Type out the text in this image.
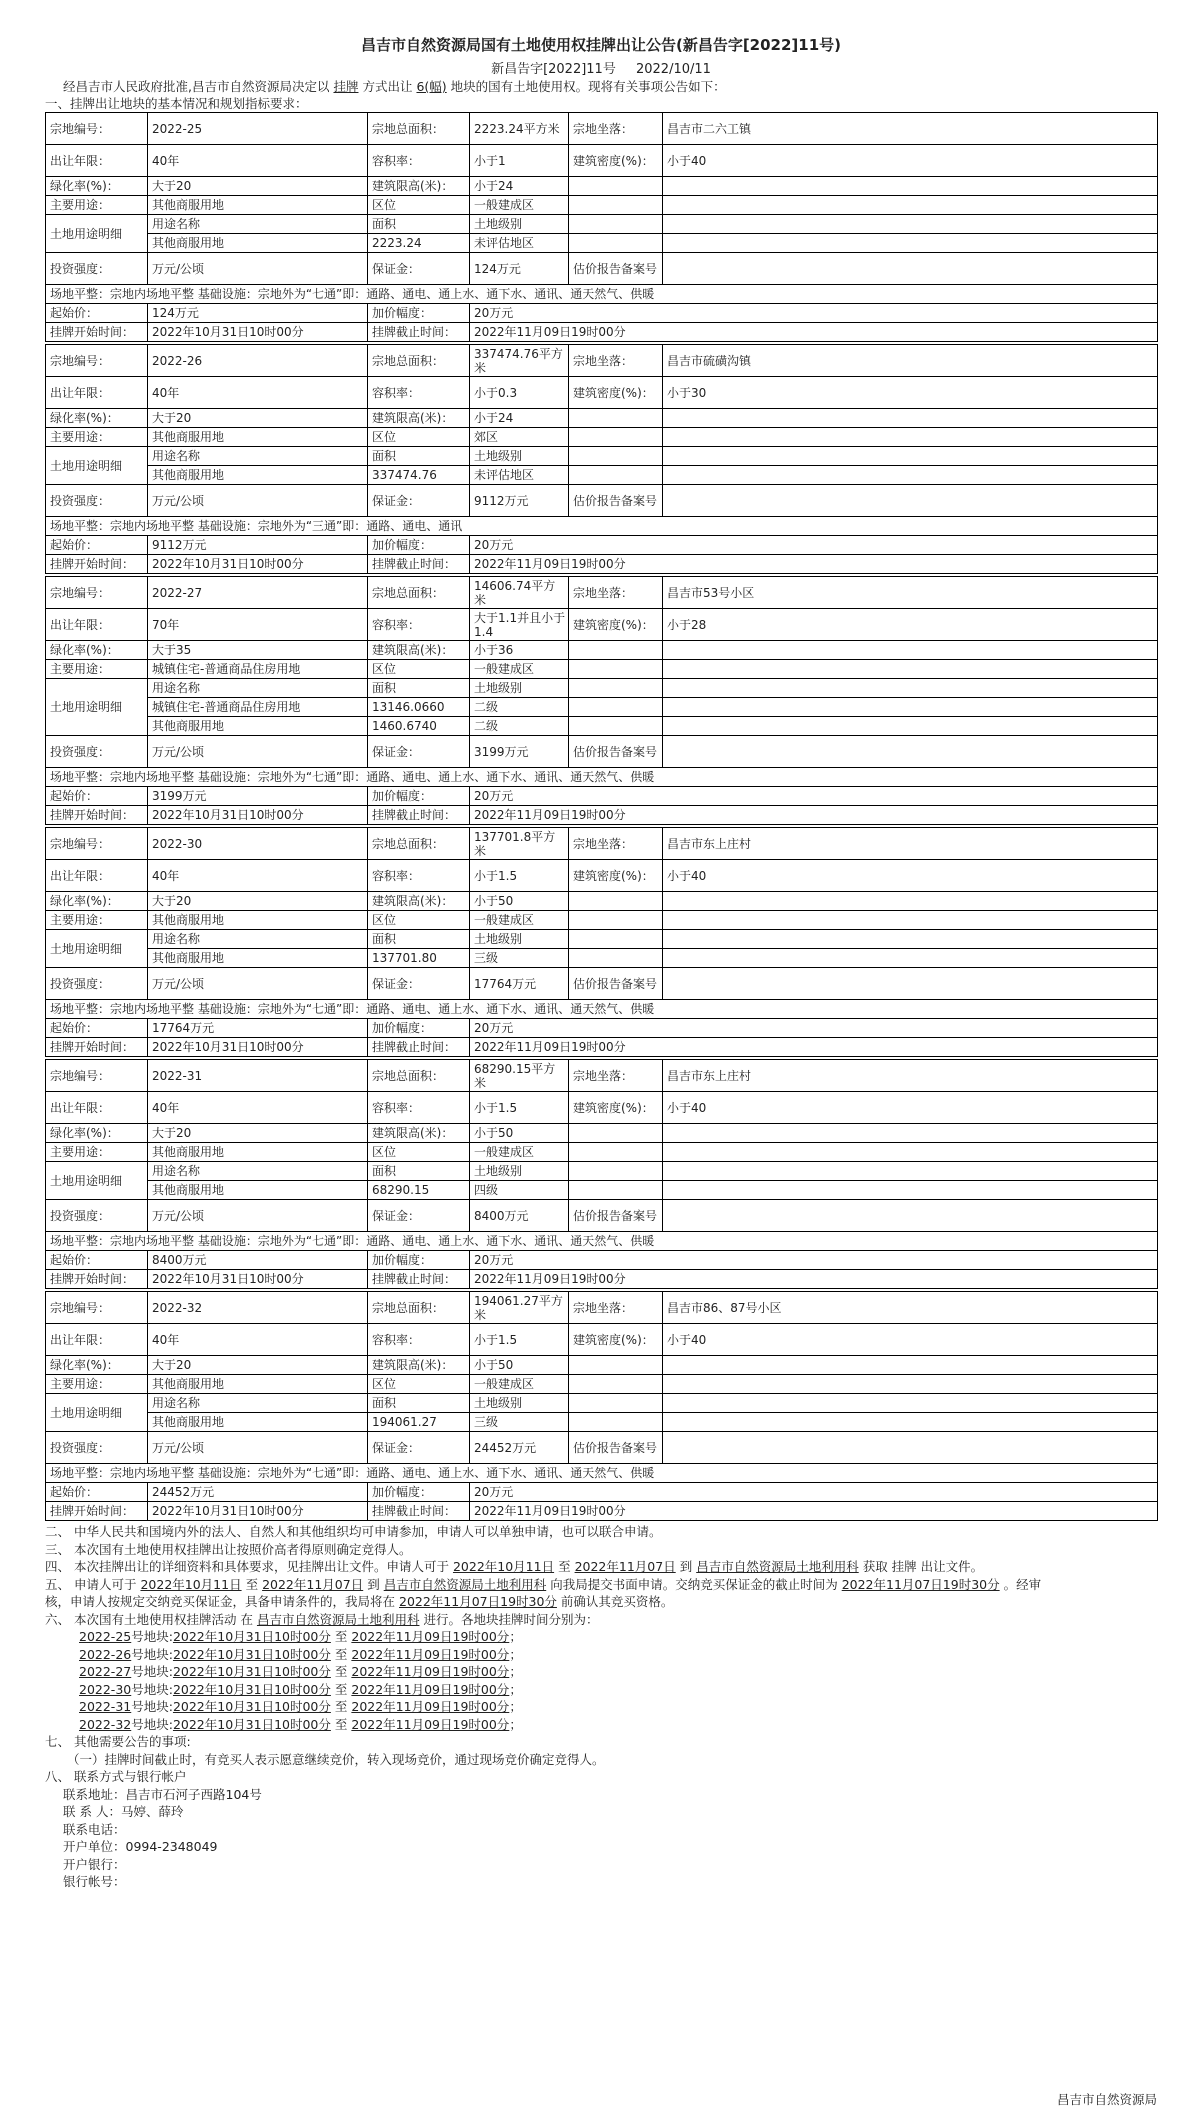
昌吉市自然资源局国有土地使用权挂牌出让公告(新昌告字[2022]11号)
新昌告字[2022]11号 2022/10/11

经昌吉市人民政府批准,昌吉市自然资源局决定以 挂牌 方式出让 6(幅) 地块的国有土地使用权。现将有关事项公告如下：

一、挂牌出让地块的基本情况和规划指标要求：
宗地编号：	2022-25	宗地总面积：	2223.24平方米	宗地坐落：	昌吉市二六工镇
出让年限：	40年	容积率：	小于1	建筑密度(%)：	小于40
绿化率(%)：	大于20	建筑限高(米)：	小于24		
主要用途：	其他商服用地	区位	一般建成区		
土地用途明细	用途名称	面积	土地级别		
	其他商服用地	2223.24	未评估地区		
投资强度：	万元/公顷	保证金：	124万元	估价报告备案号	
场地平整：宗地内场地平整 基础设施：宗地外为“七通”即：通路、通电、通上水、通下水、通讯、通天然气、供暖					
起始价：	124万元	加价幅度：	20万元		
挂牌开始时间：	2022年10月31日10时00分	挂牌截止时间：	2022年11月09日19时00分		
宗地编号：	2022-26	宗地总面积：	337474.76平方米	宗地坐落：	昌吉市硫磺沟镇
出让年限：	40年	容积率：	小于0.3	建筑密度(%)：	小于30
绿化率(%)：	大于20	建筑限高(米)：	小于24		
主要用途：	其他商服用地	区位	郊区		
土地用途明细	用途名称	面积	土地级别		
	其他商服用地	337474.76	未评估地区		
投资强度：	万元/公顷	保证金：	9112万元	估价报告备案号	
场地平整：宗地内场地平整 基础设施：宗地外为“三通”即：通路、通电、通讯					
起始价：	9112万元	加价幅度：	20万元		
挂牌开始时间：	2022年10月31日10时00分	挂牌截止时间：	2022年11月09日19时00分		
宗地编号：	2022-27	宗地总面积：	14606.74平方米	宗地坐落：	昌吉市53号小区
出让年限：	70年	容积率：	大于1.1并且小于1.4	建筑密度(%)：	小于28
绿化率(%)：	大于35	建筑限高(米)：	小于36		
主要用途：	城镇住宅-普通商品住房用地	区位	一般建成区		
土地用途明细	用途名称	面积	土地级别		
	城镇住宅-普通商品住房用地	13146.0660	二级		
	其他商服用地	1460.6740	二级		
投资强度：	万元/公顷	保证金：	3199万元	估价报告备案号	
场地平整：宗地内场地平整 基础设施：宗地外为“七通”即：通路、通电、通上水、通下水、通讯、通天然气、供暖					
起始价：	3199万元	加价幅度：	20万元		
挂牌开始时间：	2022年10月31日10时00分	挂牌截止时间：	2022年11月09日19时00分		
宗地编号：	2022-30	宗地总面积：	137701.8平方米	宗地坐落：	昌吉市东上庄村
出让年限：	40年	容积率：	小于1.5	建筑密度(%)：	小于40
绿化率(%)：	大于20	建筑限高(米)：	小于50		
主要用途：	其他商服用地	区位	一般建成区		
土地用途明细	用途名称	面积	土地级别		
	其他商服用地	137701.80	三级		
投资强度：	万元/公顷	保证金：	17764万元	估价报告备案号	
场地平整：宗地内场地平整 基础设施：宗地外为“七通”即：通路、通电、通上水、通下水、通讯、通天然气、供暖					
起始价：	17764万元	加价幅度：	20万元		
挂牌开始时间：	2022年10月31日10时00分	挂牌截止时间：	2022年11月09日19时00分		
宗地编号：	2022-31	宗地总面积：	68290.15平方米	宗地坐落：	昌吉市东上庄村
出让年限：	40年	容积率：	小于1.5	建筑密度(%)：	小于40
绿化率(%)：	大于20	建筑限高(米)：	小于50		
主要用途：	其他商服用地	区位	一般建成区		
土地用途明细	用途名称	面积	土地级别		
	其他商服用地	68290.15	四级		
投资强度：	万元/公顷	保证金：	8400万元	估价报告备案号	
场地平整：宗地内场地平整 基础设施：宗地外为“七通”即：通路、通电、通上水、通下水、通讯、通天然气、供暖					
起始价：	8400万元	加价幅度：	20万元		
挂牌开始时间：	2022年10月31日10时00分	挂牌截止时间：	2022年11月09日19时00分		
宗地编号：	2022-32	宗地总面积：	194061.27平方米	宗地坐落：	昌吉市86、87号小区
出让年限：	40年	容积率：	小于1.5	建筑密度(%)：	小于40
绿化率(%)：	大于20	建筑限高(米)：	小于50		
主要用途：	其他商服用地	区位	一般建成区		
土地用途明细	用途名称	面积	土地级别		
	其他商服用地	194061.27	三级		
投资强度：	万元/公顷	保证金：	24452万元	估价报告备案号	
场地平整：宗地内场地平整 基础设施：宗地外为“七通”即：通路、通电、通上水、通下水、通讯、通天然气、供暖					
起始价：	24452万元	加价幅度：	20万元		
挂牌开始时间：	2022年10月31日10时00分	挂牌截止时间：	2022年11月09日19时00分		
二、 中华人民共和国境内外的法人、自然人和其他组织均可申请参加，申请人可以单独申请，也可以联合申请。
三、 本次国有土地使用权挂牌出让按照价高者得原则确定竞得人。
四、 本次挂牌出让的详细资料和具体要求，见挂牌出让文件。申请人可于 2022年10月11日 至 2022年11月07日 到 昌吉市自然资源局土地利用科 获取 挂牌 出让文件。
五、 申请人可于 2022年10月11日 至 2022年11月07日 到 昌吉市自然资源局土地利用科 向我局提交书面申请。交纳竞买保证金的截止时间为 2022年11月07日19时30分 。经审
核，申请人按规定交纳竞买保证金，具备申请条件的，我局将在 2022年11月07日19时30分 前确认其竞买资格。
六、 本次国有土地使用权挂牌活动 在 昌吉市自然资源局土地利用科 进行。各地块挂牌时间分别为：
2022-25号地块:2022年10月31日10时00分 至 2022年11月09日19时00分；
2022-26号地块:2022年10月31日10时00分 至 2022年11月09日19时00分；
2022-27号地块:2022年10月31日10时00分 至 2022年11月09日19时00分；
2022-30号地块:2022年10月31日10时00分 至 2022年11月09日19时00分；
2022-31号地块:2022年10月31日10时00分 至 2022年11月09日19时00分；
2022-32号地块:2022年10月31日10时00分 至 2022年11月09日19时00分；
七、 其他需要公告的事项:
（一）挂牌时间截止时，有竞买人表示愿意继续竞价，转入现场竞价，通过现场竞价确定竞得人。
八、 联系方式与银行帐户
联系地址：昌吉市石河子西路104号
联 系 人：马婷、薛玲
联系电话：
开户单位：0994-2348049
开户银行：
银行帐号：
昌吉市自然资源局
